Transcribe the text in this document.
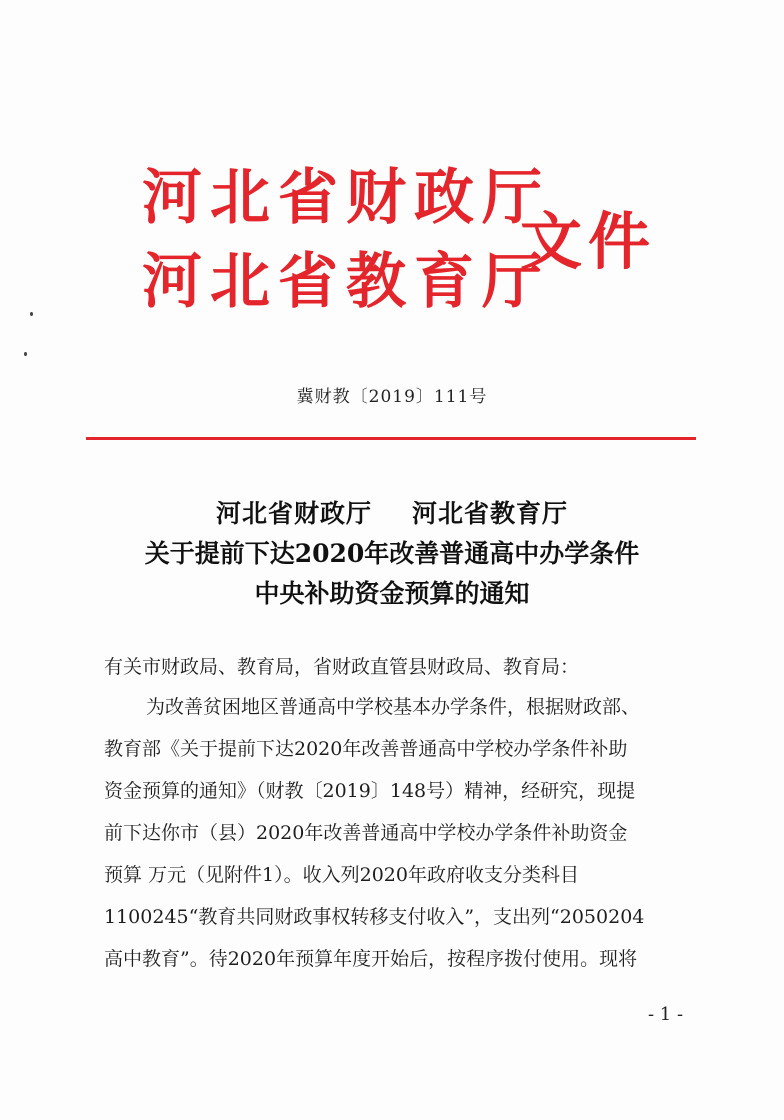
河北省财政厅
河北省教育厅
文件
冀财教〔2019〕111号
河北省财政厅 河北省教育厅
关于提前下达2020年改善普通高中办学条件
中央补助资金预算的通知
有关市财政局、教育局，省财政直管县财政局、教育局：
为改善贫困地区普通高中学校基本办学条件，根据财政部、
教育部《关于提前下达2020年改善普通高中学校办学条件补助
资金预算的通知》（财教〔2019〕148号）精神，经研究，现提
前下达你市（县）2020年改善普通高中学校办学条件补助资金
预算 万元（见附件1）。收入列2020年政府收支分类科目
1100245“教育共同财政事权转移支付收入”，支出列“2050204
高中教育”。待2020年预算年度开始后，按程序拨付使用。现将
- 1 -
